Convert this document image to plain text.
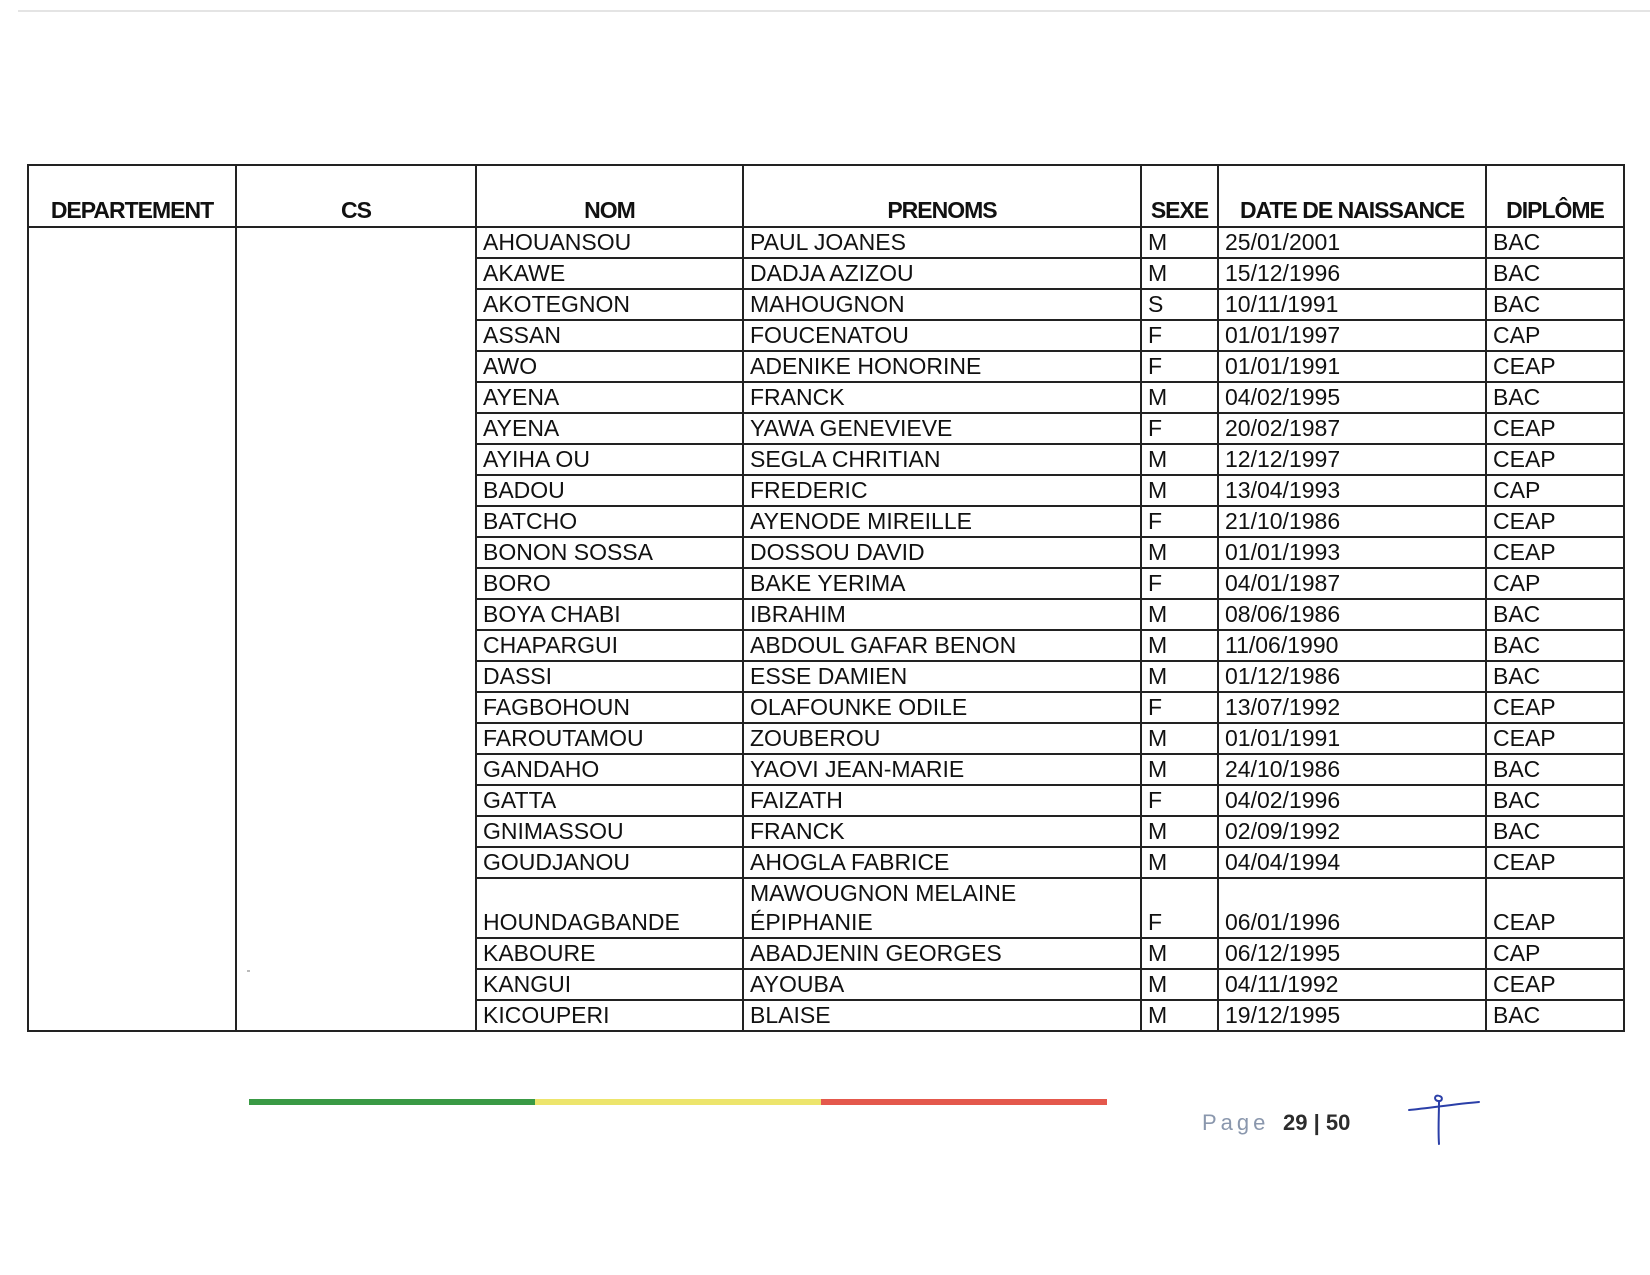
DEPARTEMENT	CS	NOM	PRENOMS	SEXE	DATE DE NAISSANCE	DIPLÔME
		AHOUANSOU	PAUL JOANES	M	25/01/2001	BAC
		AKAWE	DADJA AZIZOU	M	15/12/1996	BAC
		AKOTEGNON	MAHOUGNON	S	10/11/1991	BAC
		ASSAN	FOUCENATOU	F	01/01/1997	CAP
		AWO	ADENIKE HONORINE	F	01/01/1991	CEAP
		AYENA	FRANCK	M	04/02/1995	BAC
		AYENA	YAWA GENEVIEVE	F	20/02/1987	CEAP
		AYIHA OU	SEGLA CHRITIAN	M	12/12/1997	CEAP
		BADOU	FREDERIC	M	13/04/1993	CAP
		BATCHO	AYENODE MIREILLE	F	21/10/1986	CEAP
		BONON SOSSA	DOSSOU DAVID	M	01/01/1993	CEAP
		BORO	BAKE YERIMA	F	04/01/1987	CAP
		BOYA CHABI	IBRAHIM	M	08/06/1986	BAC
		CHAPARGUI	ABDOUL GAFAR BENON	M	11/06/1990	BAC
		DASSI	ESSE DAMIEN	M	01/12/1986	BAC
		FAGBOHOUN	OLAFOUNKE ODILE	F	13/07/1992	CEAP
		FAROUTAMOU	ZOUBEROU	M	01/01/1991	CEAP
		GANDAHO	YAOVI JEAN-MARIE	M	24/10/1986	BAC
		GATTA	FAIZATH	F	04/02/1996	BAC
		GNIMASSOU	FRANCK	M	02/09/1992	BAC
		GOUDJANOU	AHOGLA FABRICE	M	04/04/1994	CEAP
		HOUNDAGBANDE	MAWOUGNON MELAINE ÉPIPHANIE	F	06/01/1996	CEAP
		KABOURE	ABADJENIN GEORGES	M	06/12/1995	CAP
		KANGUI	AYOUBA	M	04/11/1992	CEAP
		KICOUPERI	BLAISE	M	19/12/1995	BAC
Page 29 | 50
